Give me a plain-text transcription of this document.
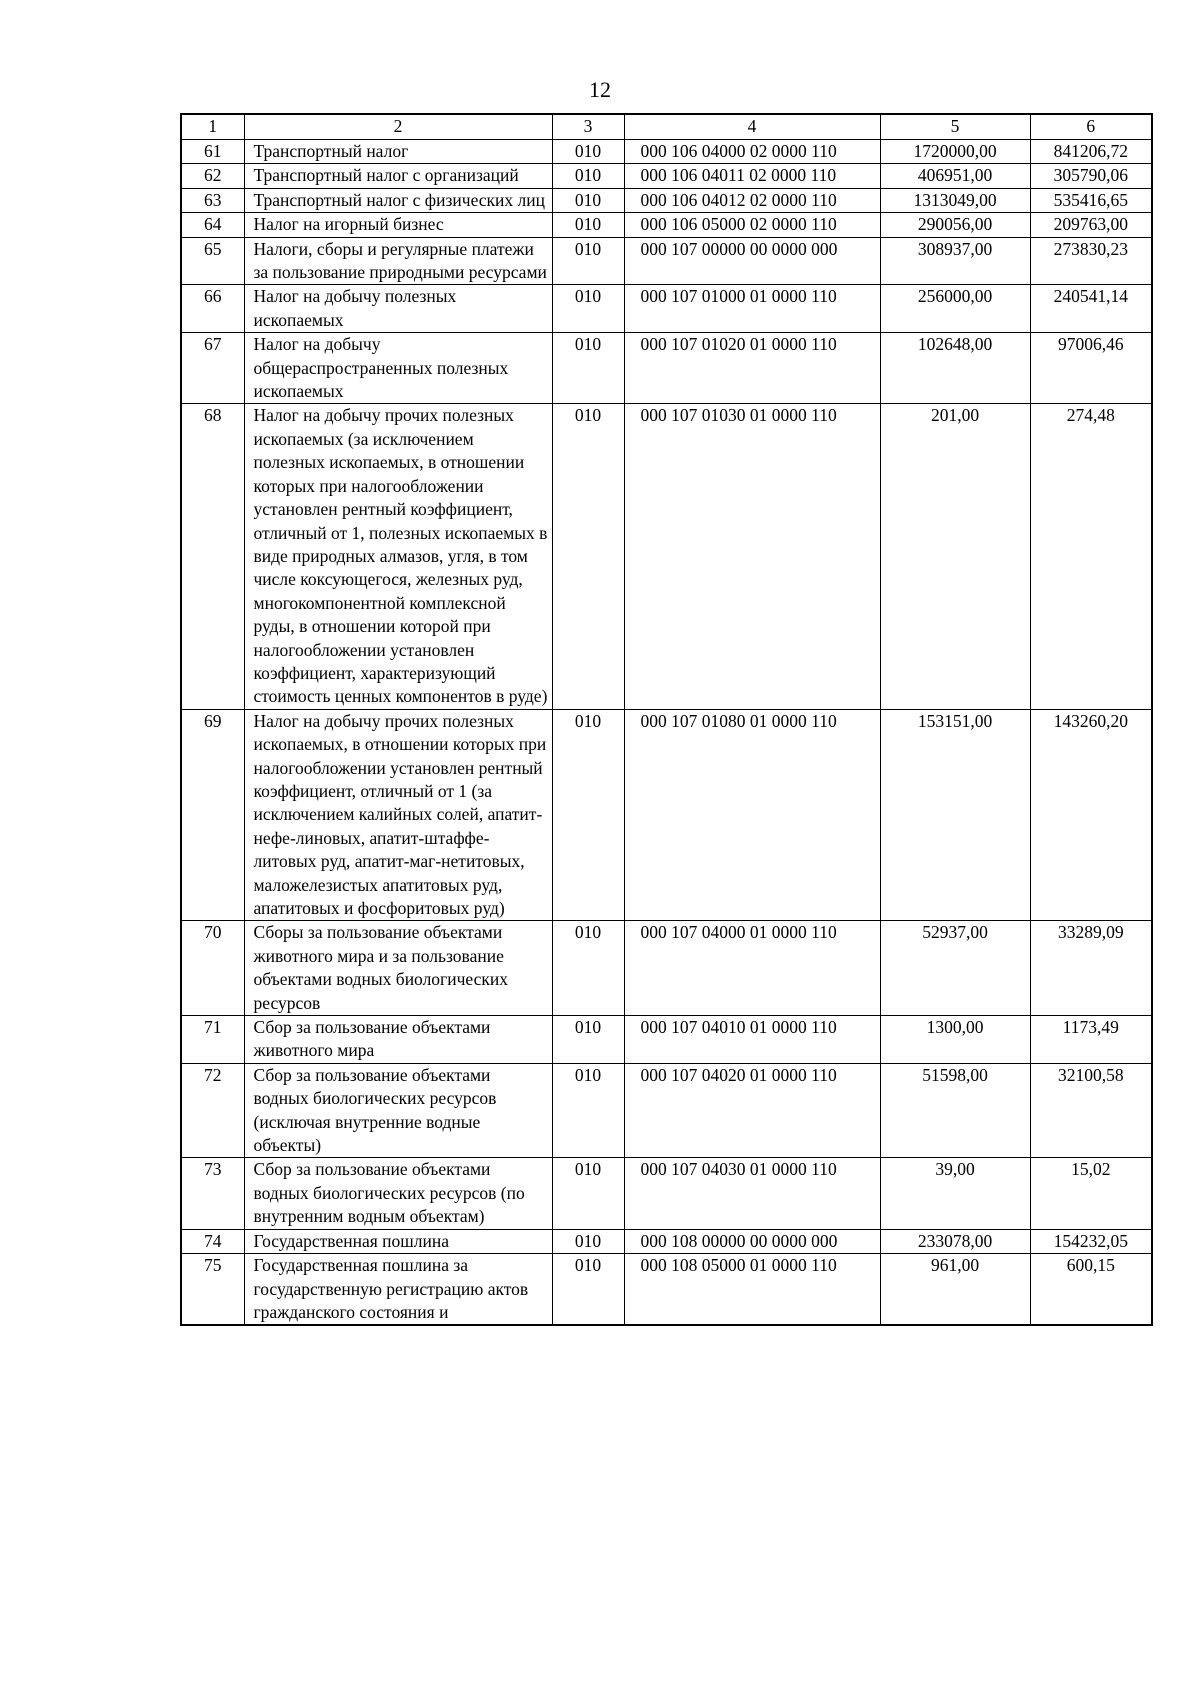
12
1	2	3	4	5	6
61	Транспортный налог	010	000 106 04000 02 0000 110	1720000,00	841206,72
62	Транспортный налог с организаций	010	000 106 04011 02 0000 110	406951,00	305790,06
63	Транспортный налог с физических лиц	010	000 106 04012 02 0000 110	1313049,00	535416,65
64	Налог на игорный бизнес	010	000 106 05000 02 0000 110	290056,00	209763,00
65	Налоги, сборы и регулярные платежи за пользование природными ресурсами	010	000 107 00000 00 0000 000	308937,00	273830,23
66	Налог на добычу полезных ископаемых	010	000 107 01000 01 0000 110	256000,00	240541,14
67	Налог на добычу общераспространенных полезных ископаемых	010	000 107 01020 01 0000 110	102648,00	97006,46
68	Налог на добычу прочих полезных ископаемых (за исключением полезных ископаемых, в отношении которых при налогообложении установлен рентный коэффициент, отличный от 1, полезных ископаемых в виде природных алмазов, угля, в том числе коксующегося, железных руд, многокомпонентной комплексной руды, в отношении которой при налогообложении установлен коэффициент, характеризующий стоимость ценных компонентов в руде)	010	000 107 01030 01 0000 110	201,00	274,48
69	Налог на добычу прочих полезных ископаемых, в отношении которых при налогообложении установлен рентный коэффициент, отличный от 1 (за исключением калийных солей, апатит-нефе-линовых, апатит-штаффе-литовых руд, апатит-маг-нетитовых, маложелезистых апатитовых руд, апатитовых и фосфоритовых руд)	010	000 107 01080 01 0000 110	153151,00	143260,20
70	Сборы за пользование объектами животного мира и за пользование объектами водных биологических ресурсов	010	000 107 04000 01 0000 110	52937,00	33289,09
71	Сбор за пользование объектами животного мира	010	000 107 04010 01 0000 110	1300,00	1173,49
72	Сбор за пользование объектами водных биологических ресурсов (исключая внутренние водные объекты)	010	000 107 04020 01 0000 110	51598,00	32100,58
73	Сбор за пользование объектами водных биологических ресурсов (по внутренним водным объектам)	010	000 107 04030 01 0000 110	39,00	15,02
74	Государственная пошлина	010	000 108 00000 00 0000 000	233078,00	154232,05
75	Государственная пошлина за государственную регистрацию актов гражданского состояния и	010	000 108 05000 01 0000 110	961,00	600,15
